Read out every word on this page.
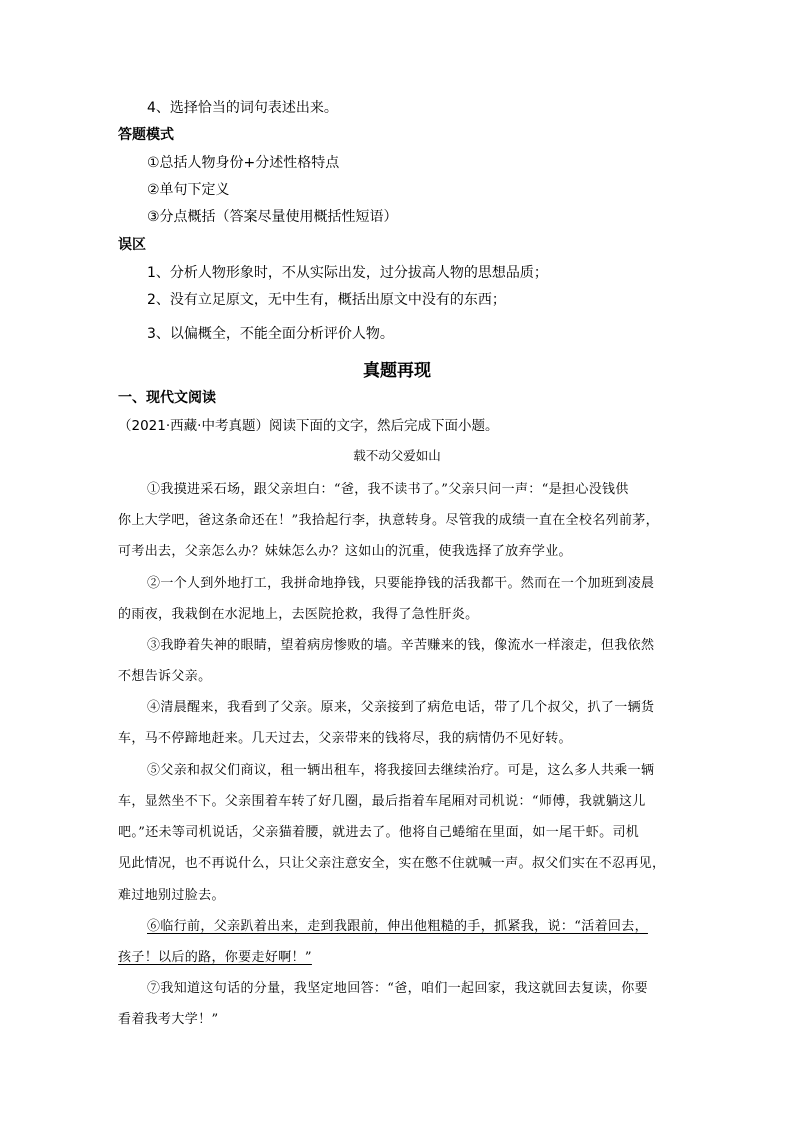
4、选择恰当的词句表述出来。
答题模式
①总括人物身份+分述性格特点
②单句下定义
③分点概括（答案尽量使用概括性短语）
误区
1、分析人物形象时，不从实际出发，过分拔高人物的思想品质；
2、没有立足原文，无中生有，概括出原文中没有的东西；
3、以偏概全，不能全面分析评价人物。
真题再现
一、现代文阅读
（2021·西藏·中考真题）阅读下面的文字，然后完成下面小题。
载不动父爱如山
①我摸进采石场，跟父亲坦白：“爸，我不读书了。”父亲只问一声：“是担心没钱供
你上大学吧，爸这条命还在！”我拾起行李，执意转身。尽管我的成绩一直在全校名列前茅，
可考出去，父亲怎么办？妹妹怎么办？这如山的沉重，使我选择了放弃学业。
②一个人到外地打工，我拼命地挣钱，只要能挣钱的活我都干。然而在一个加班到凌晨
的雨夜，我栽倒在水泥地上，去医院抢救，我得了急性肝炎。
③我睁着失神的眼睛，望着病房惨败的墙。辛苦赚来的钱，像流水一样滚走，但我依然
不想告诉父亲。
④清晨醒来，我看到了父亲。原来，父亲接到了病危电话，带了几个叔父，扒了一辆货
车，马不停蹄地赶来。几天过去，父亲带来的钱将尽，我的病情仍不见好转。
⑤父亲和叔父们商议，租一辆出租车，将我接回去继续治疗。可是，这么多人共乘一辆
车，显然坐不下。父亲围着车转了好几圈，最后指着车尾厢对司机说：“师傅，我就躺这儿
吧。”还未等司机说话，父亲猫着腰，就进去了。他将自己蜷缩在里面，如一尾干虾。司机
见此情况，也不再说什么，只让父亲注意安全，实在憋不住就喊一声。叔父们实在不忍再见，
难过地别过脸去。
⑥临行前，父亲趴着出来，走到我跟前，伸出他粗糙的手，抓紧我，说：“活着回去，
孩子！以后的路，你要走好啊！”
⑦我知道这句话的分量，我坚定地回答：“爸，咱们一起回家，我这就回去复读，你要
看着我考大学！”
